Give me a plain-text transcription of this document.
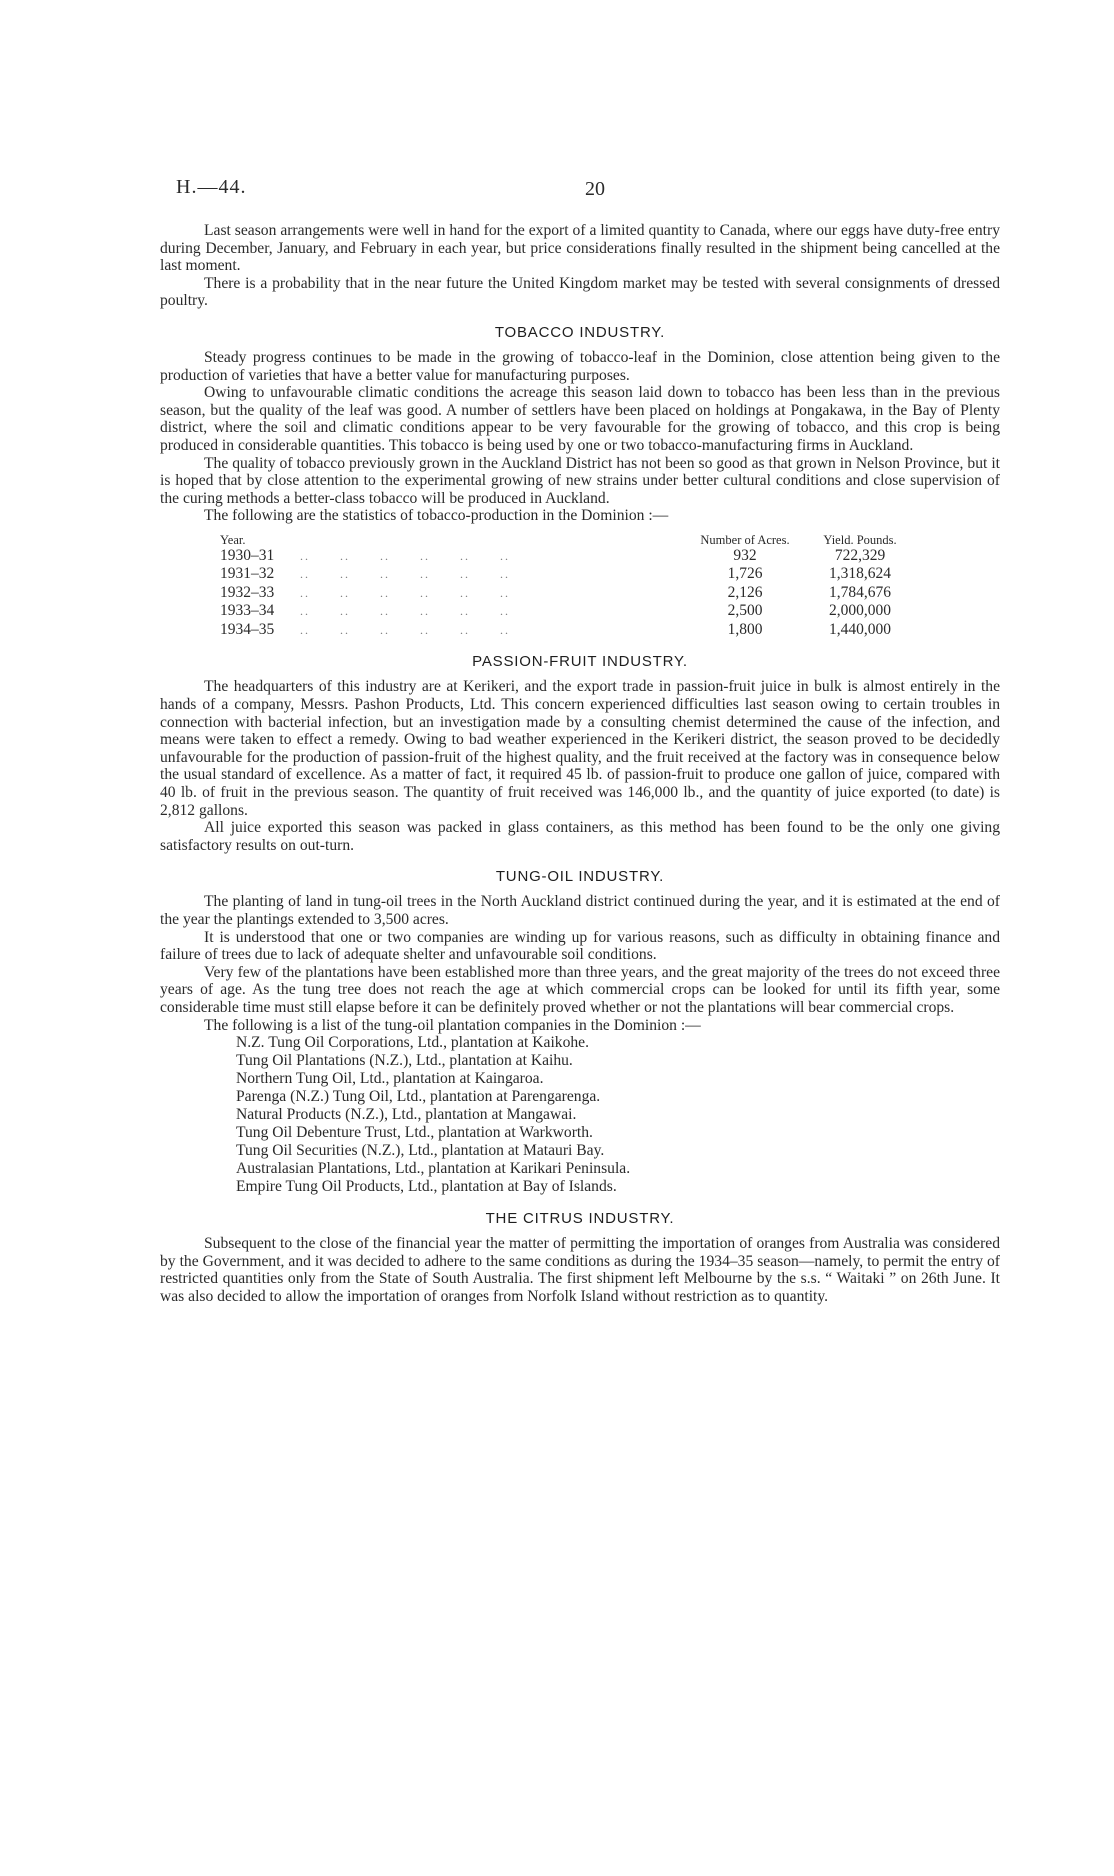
H.—44.	20

Last season arrangements were well in hand for the export of a limited quantity to Canada, where our eggs have duty-free entry during December, January, and February in each year, but price considerations finally resulted in the shipment being cancelled at the last moment.

There is a probability that in the near future the United Kingdom market may be tested with several consignments of dressed poultry.

TOBACCO INDUSTRY.

Steady progress continues to be made in the growing of tobacco-leaf in the Dominion, close attention being given to the production of varieties that have a better value for manufacturing purposes.

Owing to unfavourable climatic conditions the acreage this season laid down to tobacco has been less than in the previous season, but the quality of the leaf was good. A number of settlers have been placed on holdings at Pongakawa, in the Bay of Plenty district, where the soil and climatic conditions appear to be very favourable for the growing of tobacco, and this crop is being produced in considerable quantities. This tobacco is being used by one or two tobacco-manufacturing firms in Auckland.

The quality of tobacco previously grown in the Auckland District has not been so good as that grown in Nelson Province, but it is hoped that by close attention to the experimental growing of new strains under better cultural conditions and close supervision of the curing methods a better-class tobacco will be produced in Auckland.

The following are the statistics of tobacco-production in the Dominion :—

Year.		Number of Acres.	Yield. Pounds.
1930–31	..      ..      ..      ..      ..      ..	932	722,329
1931–32	..      ..      ..      ..      ..      ..	1,726	1,318,624
1932–33	..      ..      ..      ..      ..      ..	2,126	1,784,676
1933–34	..      ..      ..      ..      ..      ..	2,500	2,000,000
1934–35	..      ..      ..      ..      ..      ..	1,800	1,440,000
PASSION-FRUIT INDUSTRY.

The headquarters of this industry are at Kerikeri, and the export trade in passion-fruit juice in bulk is almost entirely in the hands of a company, Messrs. Pashon Products, Ltd. This concern experienced difficulties last season owing to certain troubles in connection with bacterial infection, but an investigation made by a consulting chemist determined the cause of the infection, and means were taken to effect a remedy. Owing to bad weather experienced in the Kerikeri district, the season proved to be decidedly unfavourable for the production of passion-fruit of the highest quality, and the fruit received at the factory was in consequence below the usual standard of excellence. As a matter of fact, it required 45 lb. of passion-fruit to produce one gallon of juice, compared with 40 lb. of fruit in the previous season. The quantity of fruit received was 146,000 lb., and the quantity of juice exported (to date) is 2,812 gallons.

All juice exported this season was packed in glass containers, as this method has been found to be the only one giving satisfactory results on out-turn.

TUNG-OIL INDUSTRY.

The planting of land in tung-oil trees in the North Auckland district continued during the year, and it is estimated at the end of the year the plantings extended to 3,500 acres.

It is understood that one or two companies are winding up for various reasons, such as difficulty in obtaining finance and failure of trees due to lack of adequate shelter and unfavourable soil conditions.

Very few of the plantations have been established more than three years, and the great majority of the trees do not exceed three years of age. As the tung tree does not reach the age at which commercial crops can be looked for until its fifth year, some considerable time must still elapse before it can be definitely proved whether or not the plantations will bear commercial crops.

The following is a list of the tung-oil plantation companies in the Dominion :—

N.Z. Tung Oil Corporations, Ltd., plantation at Kaikohe.
Tung Oil Plantations (N.Z.), Ltd., plantation at Kaihu.
Northern Tung Oil, Ltd., plantation at Kaingaroa.
Parenga (N.Z.) Tung Oil, Ltd., plantation at Parengarenga.
Natural Products (N.Z.), Ltd., plantation at Mangawai.
Tung Oil Debenture Trust, Ltd., plantation at Warkworth.
Tung Oil Securities (N.Z.), Ltd., plantation at Matauri Bay.
Australasian Plantations, Ltd., plantation at Karikari Peninsula.
Empire Tung Oil Products, Ltd., plantation at Bay of Islands.
THE CITRUS INDUSTRY.

Subsequent to the close of the financial year the matter of permitting the importation of oranges from Australia was considered by the Government, and it was decided to adhere to the same conditions as during the 1934–35 season—namely, to permit the entry of restricted quantities only from the State of South Australia. The first shipment left Melbourne by the s.s. “ Waitaki ” on 26th June. It was also decided to allow the importation of oranges from Norfolk Island without restriction as to quantity.
